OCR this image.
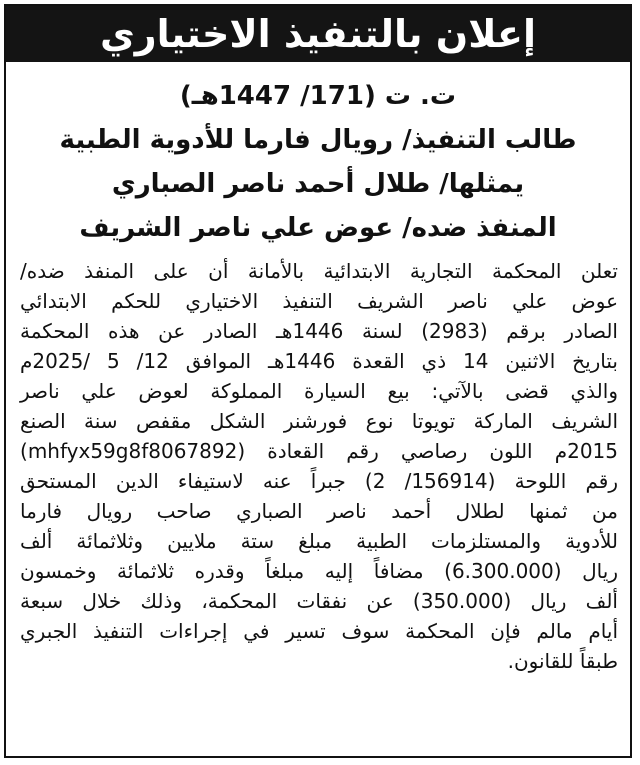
إعلان بالتنفيذ الاختياري
ت. ت (171/ 1447هـ)
طالب التنفيذ/ رويال فارما للأدوية الطبية
يمثلها/ طلال أحمد ناصر الصباري
المنفذ ضده/ عوض علي ناصر الشريف
تعلن المحكمة التجارية الابتدائية بالأمانة أن على المنفذ ضده/
عوض علي ناصر الشريف التنفيذ الاختياري للحكم الابتدائي
الصادر برقم (2983) لسنة 1446هـ الصادر عن هذه المحكمة
بتاريخ الاثنين 14 ذي القعدة 1446هـ الموافق 12/ 5 /2025م
والذي قضى بالآتي: بيع السيارة المملوكة لعوض علي ناصر
الشريف الماركة تويوتا نوع فورشنر الشكل مقفص سنة الصنع
2015م اللون رصاصي رقم القعادة (mhfyx59g8f8067892)
رقم اللوحة (156914/ 2) جبراً عنه لاستيفاء الدين المستحق
من ثمنها لطلال أحمد ناصر الصباري صاحب رويال فارما
للأدوية والمستلزمات الطبية مبلغ ستة ملايين وثلاثمائة ألف
ريال (6.300.000) مضافاً إليه مبلغاً وقدره ثلاثمائة وخمسون
ألف ريال (350.000) عن نفقات المحكمة، وذلك خلال سبعة
أيام مالم فإن المحكمة سوف تسير في إجراءات التنفيذ الجبري
طبقاً للقانون.
